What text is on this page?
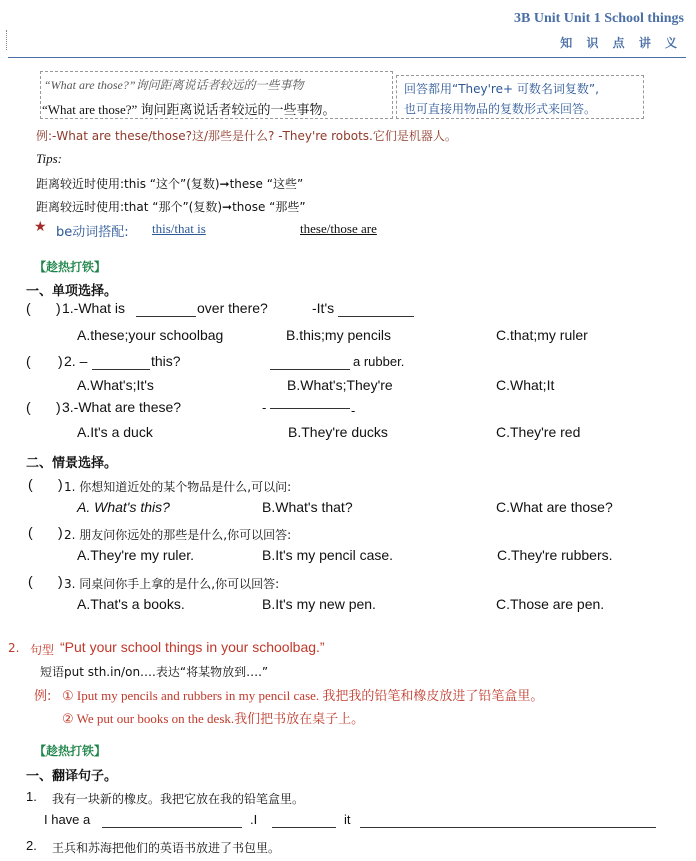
3B Unit Unit 1 School things
知 识 点 讲 义
“What are those?”询问距离说话者较远的一些事物
“What are those?” 询问距离说话者较远的一些事物。
回答都用“They're+ 可数名词复数”,
也可直接用物品的复数形式来回答。
例:-What are these/those?这/那些是什么? -They're robots.它们是机器人。
Tips:
距离较近时使用:this “这个”(复数)➞these “这些”
距离较远时使用:that “那个”(复数)➞those “那些”
★ be动词搭配: this/that is	these/those are
【趁热打铁】
一、单项选择。
( ) 1.-What is	over there?	-It's
A.these;your schoolbag	B.this;my pencils	C.that;my ruler
( ) 2. –	this?	a rubber.
A.What's;It's	B.What's;They're	C.What;It
( ) 3.-What are these?	-	-
A.It's a duck	B.They're ducks	C.They're red
二、情景选择。
( ) 1. 你想知道近处的某个物品是什么,可以问:
A. What's this?	B.What's that?	C.What are those?
( ) 2. 朋友问你远处的那些是什么,你可以回答:
A.They're my ruler.	B.It's my pencil case.	C.They're rubbers.
( ) 3. 同桌问你手上拿的是什么,你可以回答:
A.That's a books.	B.It's my new pen.	C.Those are pen.
2. 句型 “Put your school things in your schoolbag.”
短语put sth.in/on….表达“将某物放到….”
例: ① Iput my pencils and rubbers in my pencil case. 我把我的铅笔和橡皮放进了铅笔盒里。
② We put our books on the desk.我们把书放在桌子上。
【趁热打铁】
一、翻译句子。
1. 我有一块新的橡皮。我把它放在我的铅笔盒里。
I have a	.I	it
2. 王兵和苏海把他们的英语书放进了书包里。
